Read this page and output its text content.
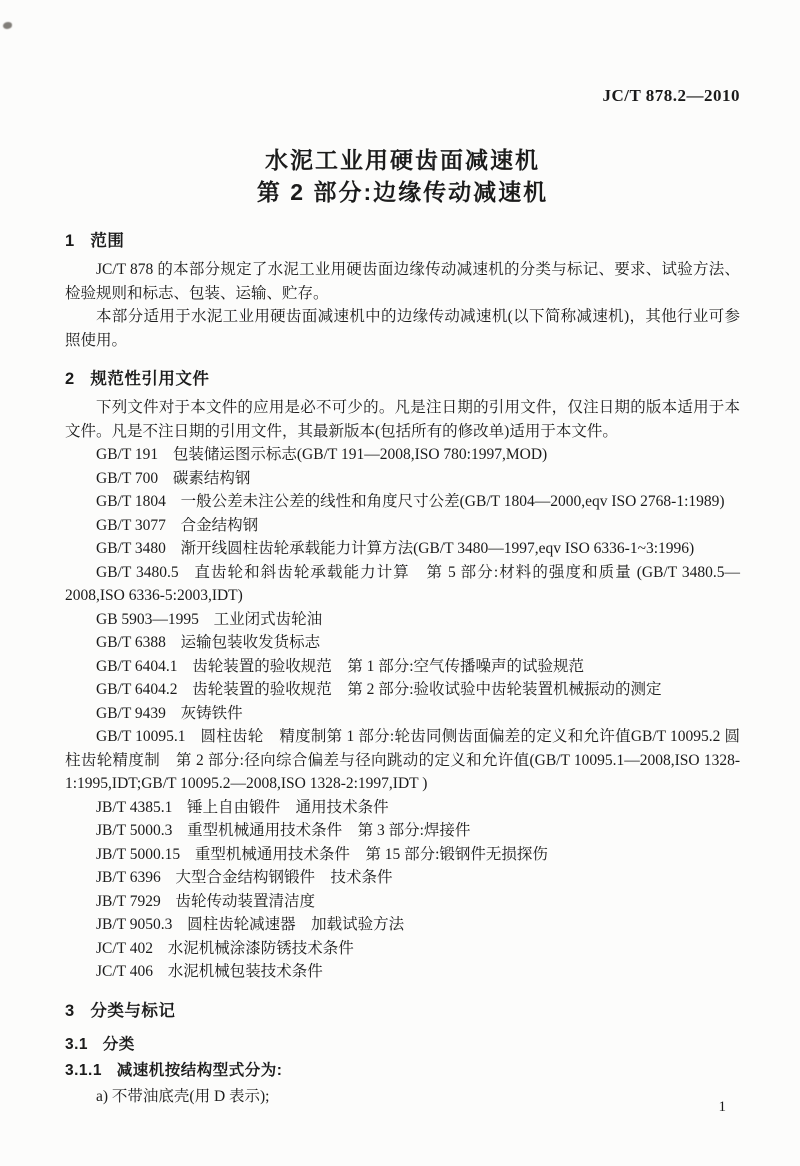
JC/T 878.2—2010
水泥工业用硬齿面减速机
第 2 部分:边缘传动减速机
1 范围

JC/T 878 的本部分规定了水泥工业用硬齿面边缘传动减速机的分类与标记、要求、试验方法、检验规则和标志、包装、运输、贮存。

本部分适用于水泥工业用硬齿面减速机中的边缘传动减速机(以下简称减速机)，其他行业可参照使用。

2 规范性引用文件

下列文件对于本文件的应用是必不可少的。凡是注日期的引用文件，仅注日期的版本适用于本文件。凡是不注日期的引用文件，其最新版本(包括所有的修改单)适用于本文件。

GB/T 191 包装储运图示标志(GB/T 191—2008,ISO 780:1997,MOD)

GB/T 700 碳素结构钢

GB/T 1804 一般公差未注公差的线性和角度尺寸公差(GB/T 1804—2000,eqv ISO 2768-1:1989)

GB/T 3077 合金结构钢

GB/T 3480 渐开线圆柱齿轮承载能力计算方法(GB/T 3480—1997,eqv ISO 6336-1~3:1996)

GB/T 3480.5 直齿轮和斜齿轮承载能力计算　第 5 部分:材料的强度和质量 (GB/T 3480.5—2008,ISO 6336-5:2003,IDT)

GB 5903—1995 工业闭式齿轮油

GB/T 6388 运输包装收发货标志

GB/T 6404.1 齿轮装置的验收规范　第 1 部分:空气传播噪声的试验规范

GB/T 6404.2 齿轮装置的验收规范　第 2 部分:验收试验中齿轮装置机械振动的测定

GB/T 9439 灰铸铁件

GB/T 10095.1 圆柱齿轮　精度制第 1 部分:轮齿同侧齿面偏差的定义和允许值GB/T 10095.2 圆柱齿轮精度制　第 2 部分:径向综合偏差与径向跳动的定义和允许值(GB/T 10095.1—2008,ISO 1328-1:1995,IDT;GB/T 10095.2—2008,ISO 1328-2:1997,IDT )

JB/T 4385.1 锤上自由锻件　通用技术条件

JB/T 5000.3 重型机械通用技术条件　第 3 部分:焊接件

JB/T 5000.15 重型机械通用技术条件　第 15 部分:锻钢件无损探伤

JB/T 6396 大型合金结构钢锻件　技术条件

JB/T 7929 齿轮传动装置清洁度

JB/T 9050.3 圆柱齿轮减速器　加载试验方法

JC/T 402 水泥机械涂漆防锈技术条件

JC/T 406 水泥机械包装技术条件

3 分类与标记
3.1 分类
3.1.1 减速机按结构型式分为:

a) 不带油底壳(用 D 表示);

1
